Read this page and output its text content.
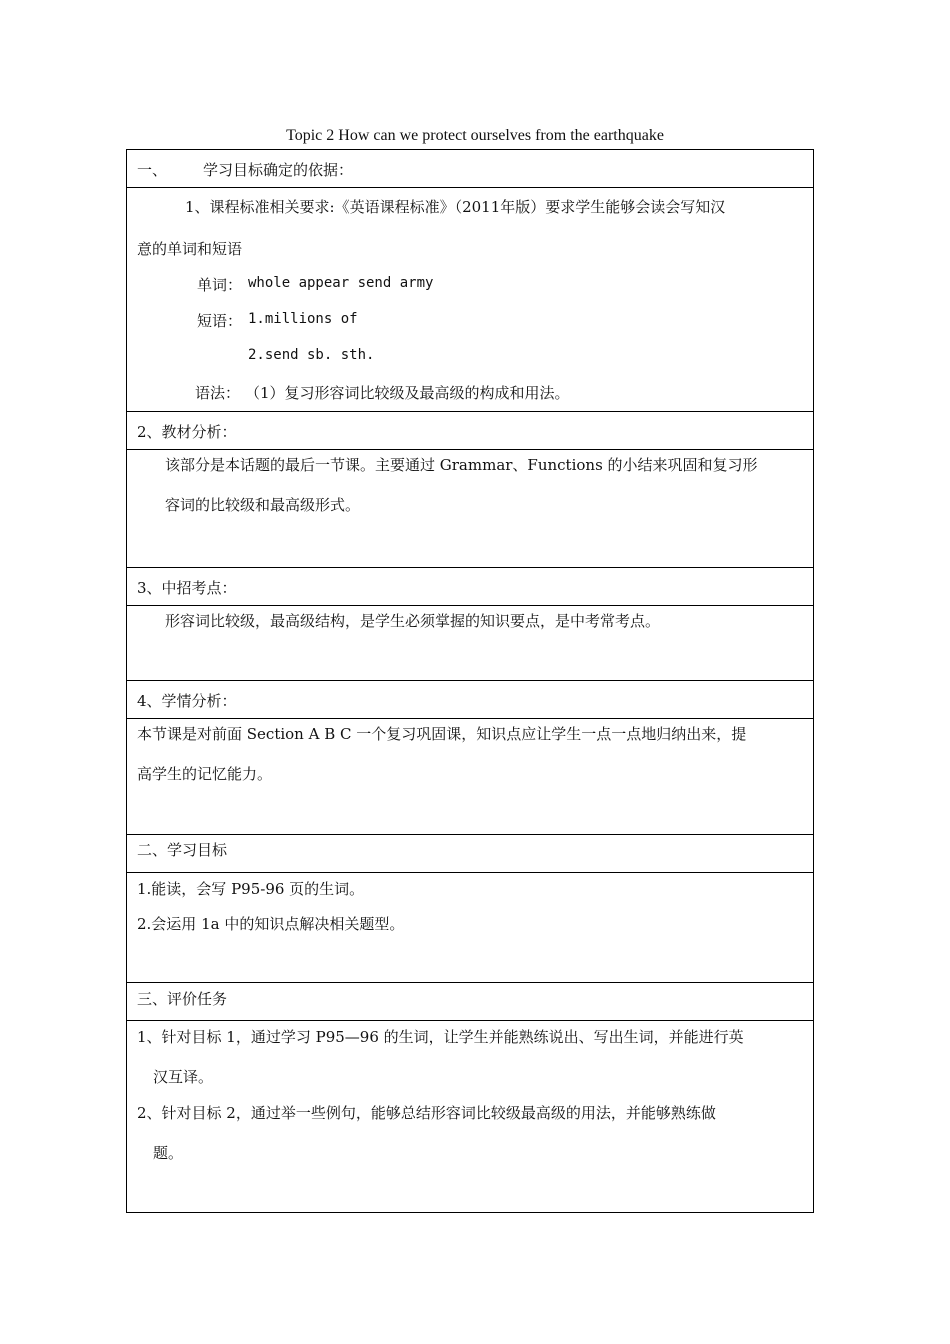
Topic 2 How can we protect ourselves from the earthquake
一、 学习目标确定的依据：
1、课程标准相关要求:《英语课程标准》（2011年版）要求学生能够会读会写知汉
意的单词和短语
单词： whole appear send army
短语： 1.millions of
2.send sb. sth.
语法： （1）复习形容词比较级及最高级的构成和用法。
2、教材分析：
该部分是本话题的最后一节课。主要通过 Grammar、Functions 的小结来巩固和复习形
容词的比较级和最高级形式。
3、中招考点：
形容词比较级，最高级结构，是学生必须掌握的知识要点，是中考常考点。
4、学情分析：
本节课是对前面 Section A B C 一个复习巩固课，知识点应让学生一点一点地归纳出来，提
高学生的记忆能力。
二、学习目标
1.能读，会写 P95-96 页的生词。
2.会运用 1a 中的知识点解决相关题型。
三、评价任务
1、针对目标 1，通过学习 P95—96 的生词，让学生并能熟练说出、写出生词，并能进行英
汉互译。
2、针对目标 2，通过举一些例句，能够总结形容词比较级最高级的用法，并能够熟练做
题。
